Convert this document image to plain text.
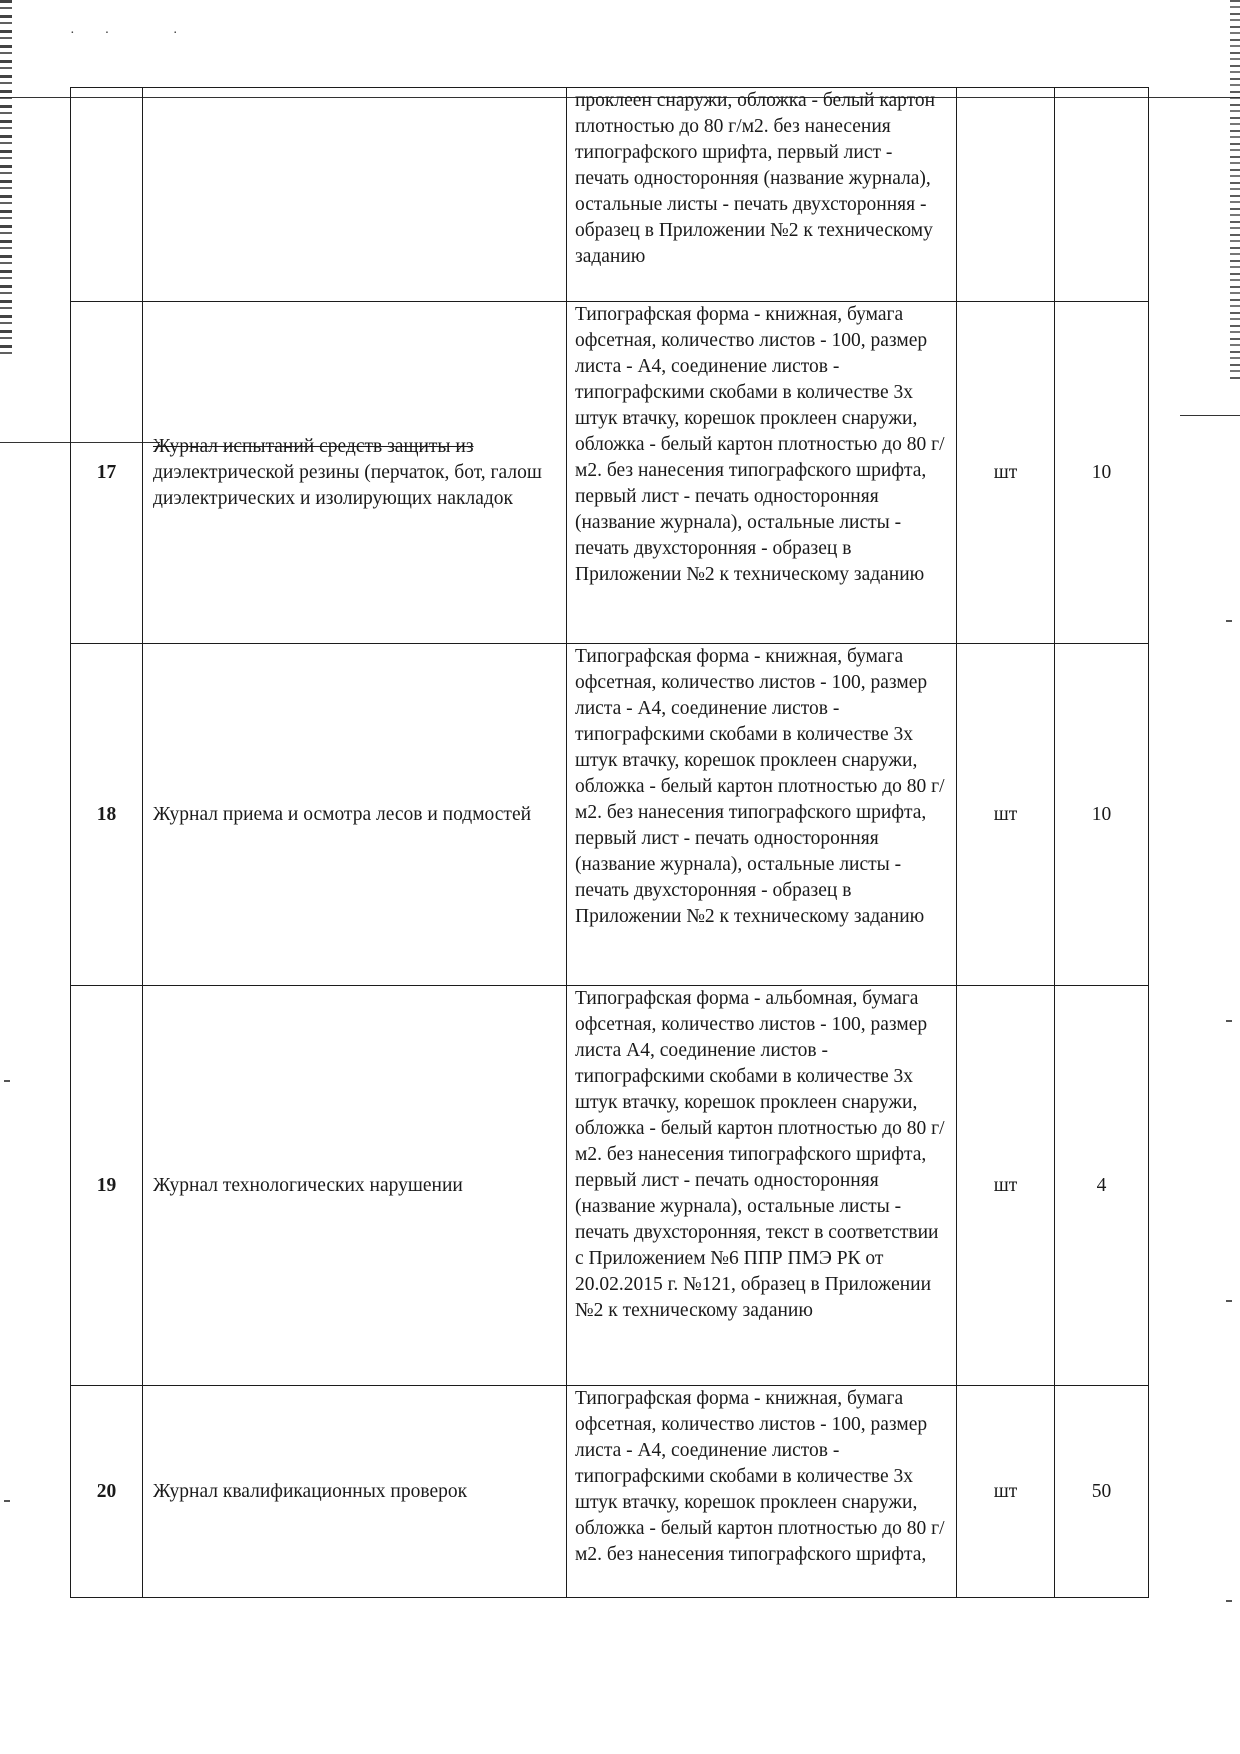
·· ·
		проклеен снаружи, обложка - белый картон плотностью до 80 г/м2. без нанесения типографского шрифта, первый лист - печать односторонняя (название журнала), остальные листы - печать двухсторонняя - образец в Приложении №2 к техническому заданию		
17	Журнал испытаний средств защиты из диэлектрической резины (перчаток, бот, галош диэлектрических и изолирующих накладок	Типографская форма - книжная, бумага офсетная, количество листов - 100, размер листа - А4, соединение листов - типографскими скобами в количестве 3х штук втачку, корешок проклеен снаружи, обложка - белый картон плотностью до 80 г/м2. без нанесения типографского шрифта, первый лист - печать односторонняя (название журнала), остальные листы - печать двухсторонняя - образец в Приложении №2 к техническому заданию	шт	10
18	Журнал приема и осмотра лесов и подмостей	Типографская форма - книжная, бумага офсетная, количество листов - 100, размер листа - А4, соединение листов - типографскими скобами в количестве 3х штук втачку, корешок проклеен снаружи, обложка - белый картон плотностью до 80 г/м2. без нанесения типографского шрифта, первый лист - печать односторонняя (название журнала), остальные листы - печать двухсторонняя - образец в Приложении №2 к техническому заданию	шт	10
19	Журнал технологических нарушении	Типографская форма - альбомная, бумага офсетная, количество листов - 100, размер листа А4, соединение листов - типографскими скобами в количестве 3х штук втачку, корешок проклеен снаружи, обложка - белый картон плотностью до 80 г/м2. без нанесения типографского шрифта, первый лист - печать односторонняя (название журнала), остальные листы - печать двухсторонняя, текст в соответствии с Приложением №6 ППР ПМЭ РК от 20.02.2015 г. №121, образец в Приложении №2 к техническому заданию	шт	4
20	Журнал квалификационных проверок	Типографская форма - книжная, бумага офсетная, количество листов - 100, размер листа - А4, соединение листов - типографскими скобами в количестве 3х штук втачку, корешок проклеен снаружи, обложка - белый картон плотностью до 80 г/м2. без нанесения типографского шрифта,	шт	50
